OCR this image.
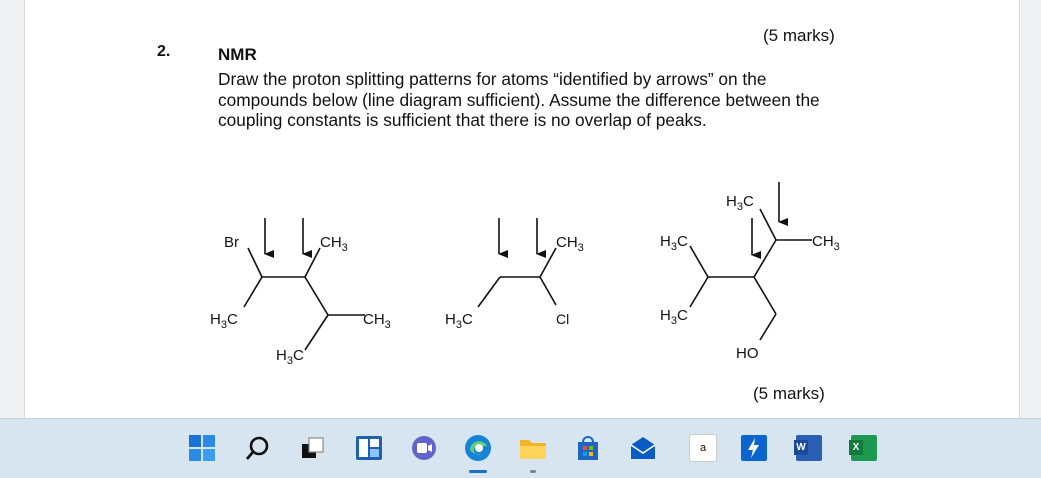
2.
(5 marks)
NMR
Draw the proton splitting patterns for atoms “identified by arrows” on the compounds below (line diagram sufficient). Assume the difference between the coupling constants is sufficient that there is no overlap of peaks.
(5 marks)
Br	$CH_3$
$H_3C$	$CH_3$
$H_3C$
$H_3C$
$CH_3$
Cl
$H_3C$
$H_3C$	$CH_3$
$H_3C$
HO
a	W	X
